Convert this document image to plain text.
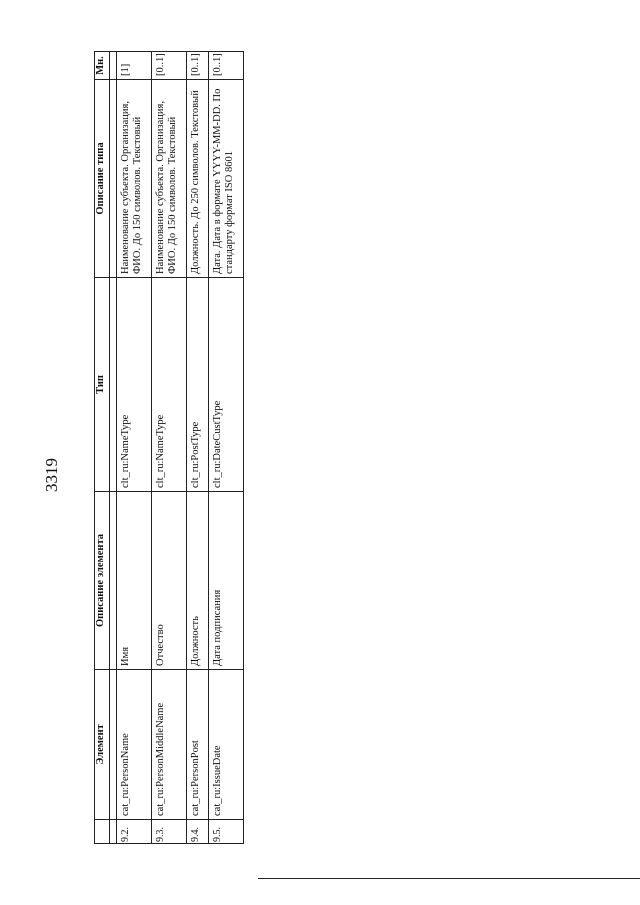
3319
	Элемент	Описание элемента	Тип	Описание типа	Мн.

9.2.	cat_ru:PersonName	Имя	clt_ru:NameType	Наименование субъекта. Организация, ФИО. До 150 символов. Текстовый	[1]
9.3.	cat_ru:PersonMiddleName	Отчество	clt_ru:NameType	Наименование субъекта. Организация, ФИО. До 150 символов. Текстовый	[0..1]
9.4.	cat_ru:PersonPost	Должность	clt_ru:PostType	Должность. До 250 символов. Текстовый	[0..1]
9.5.	cat_ru:IssueDate	Дата подписания	clt_ru:DateCustType	Дата. Дата в формате YYYY-MM-DD. По стандарту формат ISO 8601	[0..1]
